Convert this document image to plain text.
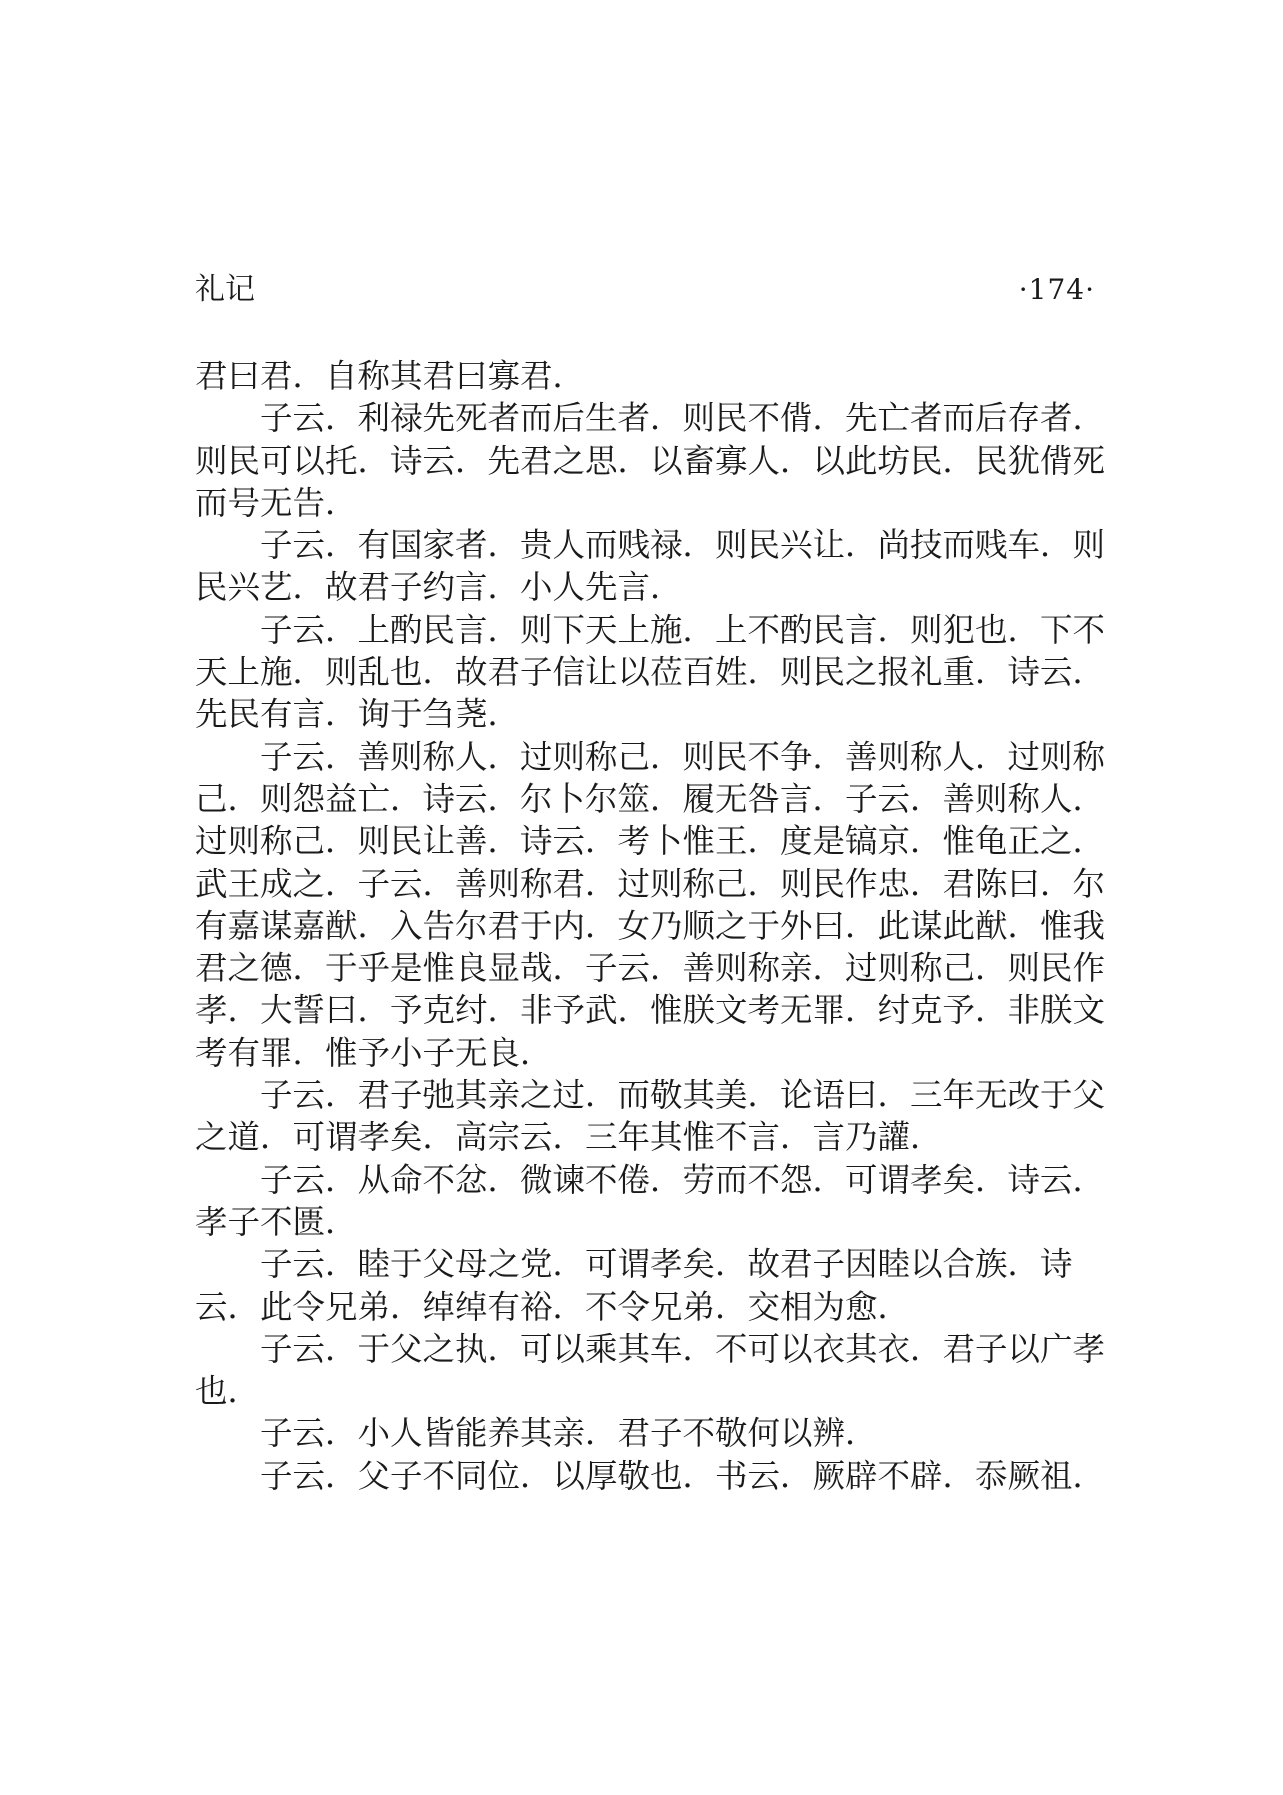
礼记	·174·

君曰君．自称其君曰寡君．

子云．利禄先死者而后生者．则民不偝．先亡者而后存者．则民可以托．诗云．先君之思．以畜寡人．以此坊民．民犹偝死而号无告．

子云．有国家者．贵人而贱禄．则民兴让．尚技而贱车．则民兴艺．故君子约言．小人先言．

子云．上酌民言．则下天上施．上不酌民言．则犯也．下不天上施．则乱也．故君子信让以莅百姓．则民之报礼重．诗云．先民有言．询于刍荛．

子云．善则称人．过则称己．则民不争．善则称人．过则称己．则怨益亡．诗云．尔卜尔筮．履无咎言．子云．善则称人．过则称己．则民让善．诗云．考卜惟王．度是镐京．惟龟正之．武王成之．子云．善则称君．过则称己．则民作忠．君陈曰．尔有嘉谋嘉猷．入告尔君于内．女乃顺之于外曰．此谋此猷．惟我君之德．于乎是惟良显哉．子云．善则称亲．过则称己．则民作孝．大誓曰．予克纣．非予武．惟朕文考无罪．纣克予．非朕文考有罪．惟予小子无良．

子云．君子弛其亲之过．而敬其美．论语曰．三年无改于父之道．可谓孝矣．高宗云．三年其惟不言．言乃讙．

子云．从命不忿．微谏不倦．劳而不怨．可谓孝矣．诗云．孝子不匮．

子云．睦于父母之党．可谓孝矣．故君子因睦以合族．诗云．此令兄弟．绰绰有裕．不令兄弟．交相为愈．

子云．于父之执．可以乘其车．不可以衣其衣．君子以广孝也．

子云．小人皆能养其亲．君子不敬何以辨．

子云．父子不同位．以厚敬也．书云．厥辟不辟．忝厥祖．
